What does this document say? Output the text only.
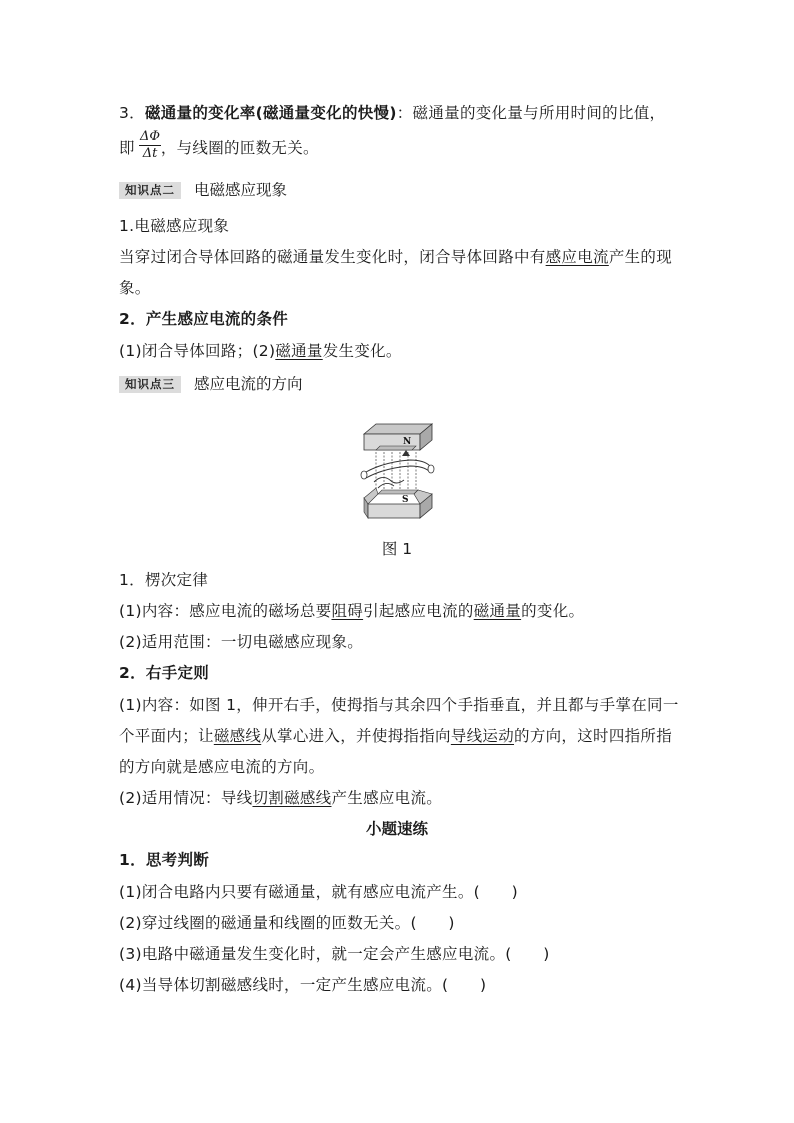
3．磁通量的变化率(磁通量变化的快慢)：磁通量的变化量与所用时间的比值，
即 ，与线圈的匝数无关。
$\frac{\Delta\Phi}{\Delta t}$
知识点二	电磁感应现象
1.电磁感应现象
当穿过闭合导体回路的磁通量发生变化时，闭合导体回路中有感应电流产生的现
象。
2．产生感应电流的条件
(1)闭合导体回路；(2)磁通量发生变化。
知识点三	感应电流的方向
N
S
图 1
1．楞次定律
(1)内容：感应电流的磁场总要阻碍引起感应电流的磁通量的变化。
(2)适用范围：一切电磁感应现象。
2．右手定则
(1)内容：如图 1，伸开右手，使拇指与其余四个手指垂直，并且都与手掌在同一
个平面内；让磁感线从掌心进入，并使拇指指向导线运动的方向，这时四指所指
的方向就是感应电流的方向。
(2)适用情况：导线切割磁感线产生感应电流。
小题速练
1．思考判断
(1)闭合电路内只要有磁通量，就有感应电流产生。(　　)
(2)穿过线圈的磁通量和线圈的匝数无关。(　　)
(3)电路中磁通量发生变化时，就一定会产生感应电流。(　　)
(4)当导体切割磁感线时，一定产生感应电流。(　　)
